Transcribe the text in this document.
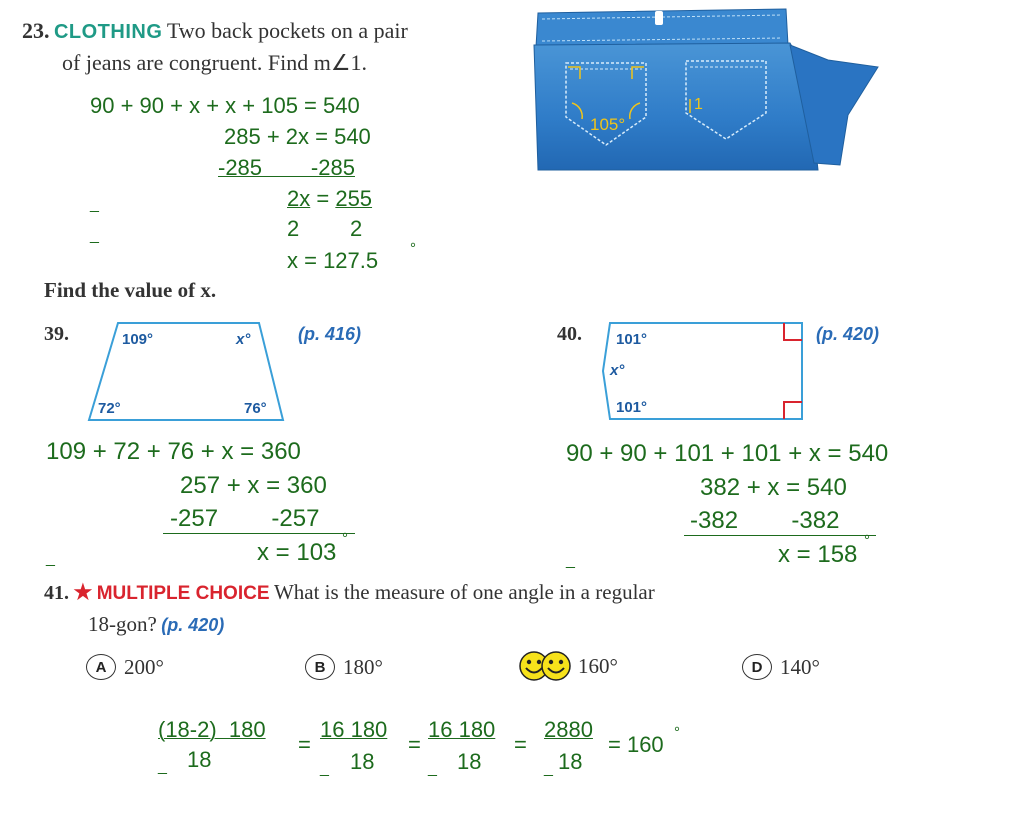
23. CLOTHING Two back pockets on a pair
of jeans are congruent. Find m∠1.
105°
1
90 + 90 + x + x + 105 = 540
285 + 2x = 540
-285        -285
2x = 255
2 2
x = 127.5 °
_
_
Find the value of x.
39.	109°	x°
72°	76°
(p. 416)
109 + 72 + 76 + x = 360
257 + x = 360
-257        -257
x = 103
°
_
40. 101°
x°
101°
(p. 420)
90 + 90 + 101 + 101 + x = 540
382 + x = 540
-382        -382
x = 158
°
_
41. ★ MULTIPLE CHOICE What is the measure of one angle in a regular
18-gon? (p. 420)
A 200°	B 180°	160°	D 140°
(18-2)  180
18
=
16 180
18
=
16 180
18
=
2880
18
= 160 °
_	_	_	_
